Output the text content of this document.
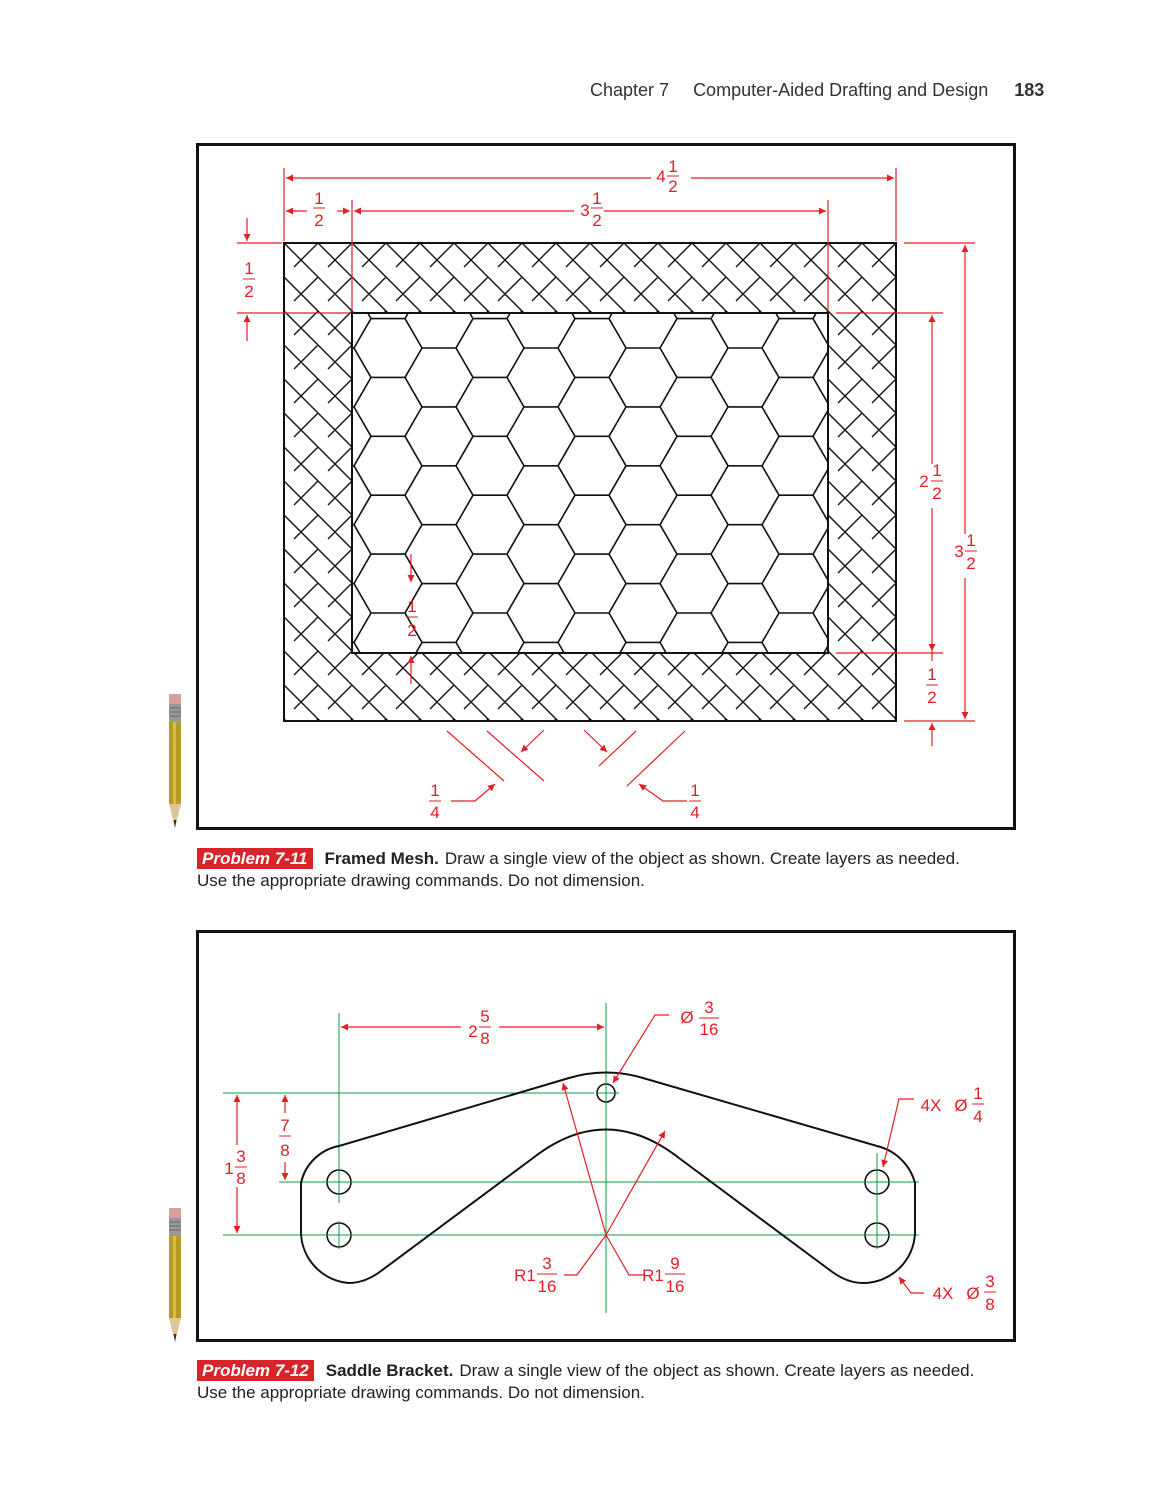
Chapter 7 Computer-Aided Drafting and Design 183
4
1
2
1
2
3
1
2
1
2
2
1
2
3
1
2
1
2
1
2
1
4
1
4
Problem 7-11 Framed Mesh. Draw a single view of the object as shown. Create layers as needed.
Use the appropriate drawing commands. Do not dimension.
2
5
8
Ø
3
16
4X Ø
1
4
1
3
8
7
8
R1
3
16
R1
9
16	4X Ø
3
8
Problem 7-12 Saddle Bracket. Draw a single view of the object as shown. Create layers as needed.
Use the appropriate drawing commands. Do not dimension.
